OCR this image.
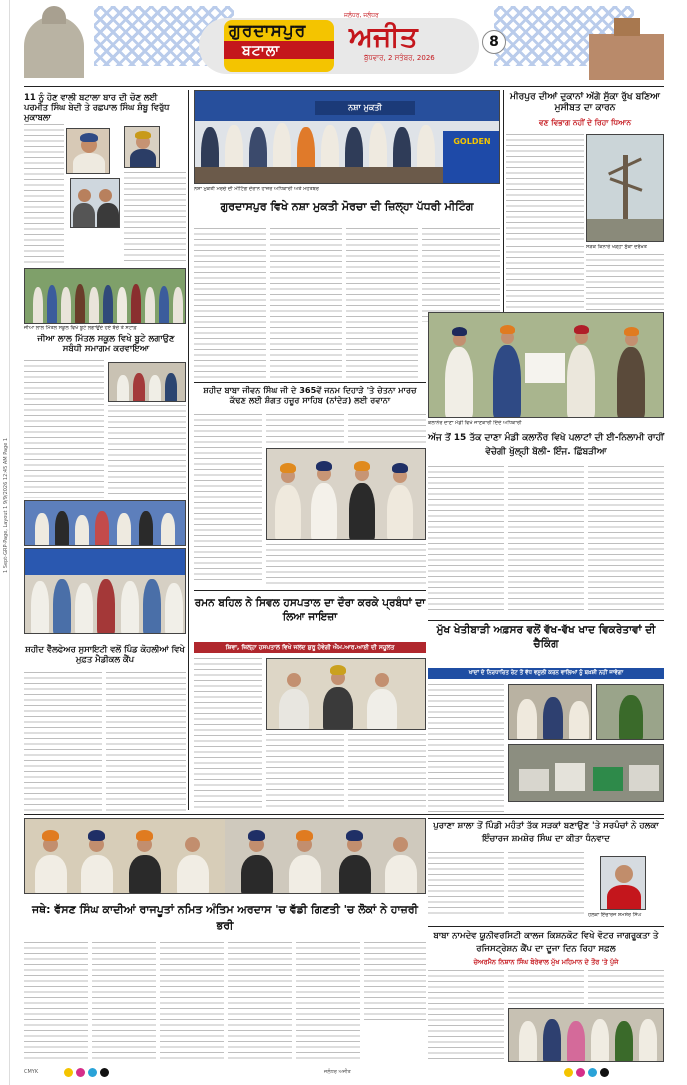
1 Sept-GRP-Page, Layout 1 9/9/2026 12:45 AM Page 1
ਗੁਰਦਾਸਪੁਰ
ਬਟਾਲਾ
ਜਲੰਧਰ, ਜਲੰਧਰ
ਅਜੀਤ
ਬੁੱਧਵਾਰ, 2 ਸਤੰਬਰ, 2026
8
11 ਨੂੰ ਹੋਣ ਵਾਲੀ ਬਟਾਲਾ ਬਾਰ ਦੀ ਚੋਣ ਲਈ ਪਰਮੀਤ ਸਿੰਘ ਬੇਦੀ ਤੇ ਰਛਪਾਲ ਸਿੰਘ ਸ਼ੰਬੂ ਵਿਰੁੱਧ ਮੁਕਾਬਲਾ
ਜੀਆ ਲਾਲ ਮਿੱਤਲ ਸਕੂਲ ਵਿਖੇ ਬੂਟੇ ਲਗਾਉਂਦੇ ਹੋਏ ਬੱਚੇ ਤੇ ਸਟਾਫ਼
ਜੀਆ ਲਾਲ ਮਿੱਤਲ ਸਕੂਲ ਵਿਖੇ ਬੂਟੇ ਲਗਾਉਣ ਸਬੰਧੀ ਸਮਾਗਮ ਕਰਵਾਇਆ
ਸ਼ਹੀਦ ਵੈੱਲਫੇਅਰ ਸੁਸਾਇਟੀ ਵਲੋਂ ਪਿੰਡ ਕੋਹਲੀਆਂ ਵਿਖੇ ਮੁਫ਼ਤ ਮੈਡੀਕਲ ਕੈਂਪ
ਨਸ਼ਾ ਮੁਕਤੀ
GOLDEN
ਨਸ਼ਾ ਮੁਕਤੀ ਮੋਰਚੇ ਦੀ ਮੀਟਿੰਗ ਦੌਰਾਨ ਹਾਜ਼ਰ ਅਧਿਕਾਰੀ ਅਤੇ ਮੋਹਤਬਰ
ਗੁਰਦਾਸਪੁਰ ਵਿਖੇ ਨਸ਼ਾ ਮੁਕਤੀ ਮੋਰਚਾ ਦੀ ਜ਼ਿਲ੍ਹਾ ਪੱਧਰੀ ਮੀਟਿੰਗ
ਸ਼ਹੀਦ ਬਾਬਾ ਜੀਵਨ ਸਿੰਘ ਜੀ ਦੇ 365ਵੇਂ ਜਨਮ ਦਿਹਾੜੇ 'ਤੇ ਚੇਤਨਾ ਮਾਰਚ ਕੱਢਣ ਲਈ ਸ਼ੰਗਤ ਹਜ਼ੂਰ ਸਾਹਿਬ (ਨਾਂਦੇੜ) ਲਈ ਰਵਾਨਾ
ਰਮਨ ਬਹਿਲ ਨੇ ਸਿਵਲ ਹਸਪਤਾਲ ਦਾ ਦੌਰਾ ਕਰਕੇ ਪ੍ਰਬੰਧਾਂ ਦਾ ਲਿਆ ਜਾਇਜ਼ਾ
ਸ਼ਿਵਾ, ਜ਼ਿਲ੍ਹਾ ਹਸਪਤਾਲ ਵਿਖੇ ਜਲਦ ਸ਼ੁਰੂ ਹੋਵੇਗੀ ਐਮ.ਆਰ.ਆਈ ਦੀ ਸਹੂਲਤ
ਮੀਰਪੁਰ ਦੀਆਂ ਦੁਕਾਨਾਂ ਅੱਗੇ ਸੁੱਕਾ ਰੁੱਖ ਬਣਿਆ ਮੁਸੀਬਤ ਦਾ ਕਾਰਨ
ਵਣ ਵਿਭਾਗ ਨਹੀਂ ਦੇ ਰਿਹਾ ਧਿਆਨ
ਸੜਕ ਕਿਨਾਰੇ ਖੜ੍ਹਾ ਸੁੱਕਾ ਦਰੱਖ਼ਤ
ਕਲਾਨੌਰ ਦਾਣਾ ਮੰਡੀ ਵਿਖੇ ਜਾਣਕਾਰੀ ਦਿੰਦੇ ਅਧਿਕਾਰੀ
ਅੱਜ ਤੋਂ 15 ਤੱਕ ਦਾਣਾ ਮੰਡੀ ਕਲਾਨੌਰ ਵਿਖੇ ਪਲਾਟਾਂ ਦੀ ਈ-ਨਿਲਾਮੀ ਰਾਹੀਂ ਵੇਚੇਗੀ ਖੁੱਲ੍ਹੀ ਬੋਲੀ- ਇੰਜ. ਛਿੱਬੜੀਆ
ਮੁੱਖ ਖੇਤੀਬਾੜੀ ਅਫ਼ਸਰ ਵਲੋਂ ਵੱਖ-ਵੱਖ ਖਾਦ ਵਿਕਰੇਤਾਵਾਂ ਦੀ ਚੈਕਿੰਗ
ਖਾਦਾਂ ਦੇ ਨਿਰਧਾਰਿਤ ਰੇਟ ਤੋਂ ਵੱਧ ਵਸੂਲੀ ਕਰਨ ਵਾਲਿਆਂ ਨੂੰ ਬਖ਼ਸ਼ੀ ਨਹੀਂ ਜਾਵੇਗਾ
ਜਥੇ: ਵੱਸਣ ਸਿੰਘ ਕਾਦੀਆਂ ਰਾਜਪੂਤਾਂ ਨਮਿਤ ਅੰਤਿਮ ਅਰਦਾਸ 'ਚ ਵੱਡੀ ਗਿਣਤੀ 'ਚ ਲੋਕਾਂ ਨੇ ਹਾਜ਼ਰੀ ਭਰੀ
ਪੁਰਾਣਾ ਸ਼ਾਲਾ ਤੋਂ ਪਿੰਡੀ ਮਹੰਤਾਂ ਤੱਕ ਸੜਕਾਂ ਬਣਾਉਣ 'ਤੇ ਸਰਪੰਚਾਂ ਨੇ ਹਲਕਾ ਇੰਚਾਰਜ ਸ਼ਮਸ਼ੇਰ ਸਿੰਘ ਦਾ ਕੀਤਾ ਧੰਨਵਾਦ
ਹਲਕਾ ਇੰਚਾਰਜ ਸ਼ਮਸ਼ੇਰ ਸਿੰਘ
ਬਾਬਾ ਨਾਮਦੇਵ ਯੂਨੀਵਰਸਿਟੀ ਕਾਲਜ ਕਿਸ਼ਨਕੋਟ ਵਿਖੇ ਵੋਟਰ ਜਾਗਰੂਕਤਾ ਤੇ ਰਜਿਸਟ੍ਰੇਸ਼ਨ ਕੈਂਪ ਦਾ ਦੂਜਾ ਦਿਨ ਰਿਹਾ ਸਫ਼ਲ
ਚੇਅਰਮੈਨ ਨਿਸ਼ਾਨ ਸਿੰਘ ਬੋਰੇਵਾਲ ਮੁੱਖ ਮਹਿਮਾਨ ਦੇ ਤੌਰ 'ਤੇ ਪੁੱਜੇ
CMYK	ਜਲੰਧਰ ਅਜੀਤ
